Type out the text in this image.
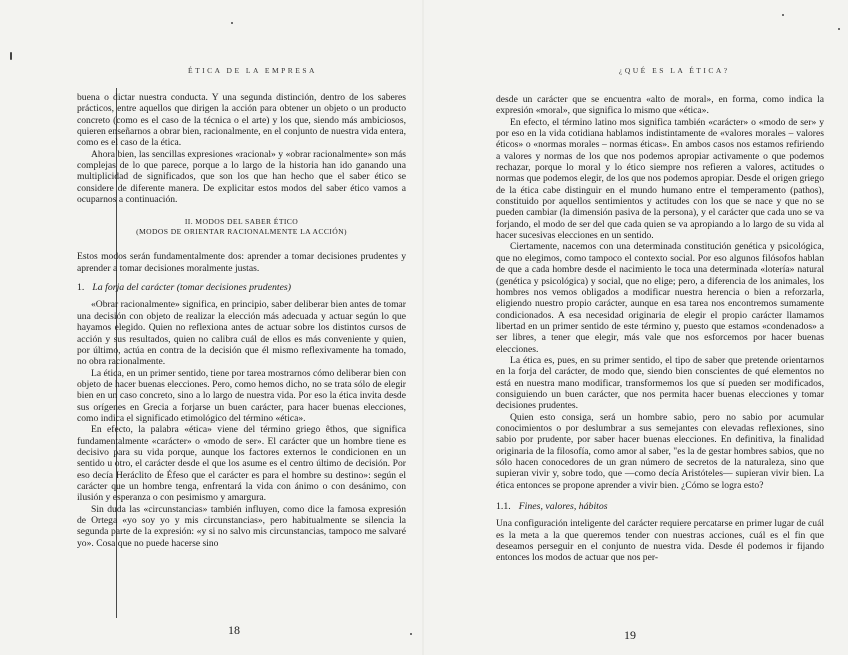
ÉTICA DE LA EMPRESA

buena o dictar nuestra conducta. Y una segunda distinción, dentro de los saberes prácticos, entre aquellos que dirigen la acción para obtener un objeto o un producto concreto (como es el caso de la técnica o el arte) y los que, siendo más ambiciosos, quieren enseñarnos a obrar bien, racionalmente, en el conjunto de nuestra vida entera, como es el caso de la ética.

Ahora bien, las sencillas expresiones «racional» y «obrar racionalmente» son más complejas de lo que parece, porque a lo largo de la historia han ido ganando una multiplicidad de significados, que son los que han hecho que el saber ético se considere de diferente manera. De explicitar estos modos del saber ético vamos a ocuparnos a continuación.

II. MODOS DEL SABER ÉTICO
(MODOS DE ORIENTAR RACIONALMENTE LA ACCIÓN)

Estos modos serán fundamentalmente dos: aprender a tomar decisiones prudentes y aprender a tomar decisiones moralmente justas.

1. La forja del carácter (tomar decisiones prudentes)

«Obrar racionalmente» significa, en principio, saber deliberar bien antes de tomar una decisión con objeto de realizar la elección más adecuada y actuar según lo que hayamos elegido. Quien no reflexiona antes de actuar sobre los distintos cursos de acción y sus resultados, quien no calibra cuál de ellos es más conveniente y quien, por último, actúa en contra de la decisión que él mismo reflexivamente ha tomado, no obra racionalmente.

La ética, en un primer sentido, tiene por tarea mostrarnos cómo deliberar bien con objeto de hacer buenas elecciones. Pero, como hemos dicho, no se trata sólo de elegir bien en un caso concreto, sino a lo largo de nuestra vida. Por eso la ética invita desde sus orígenes en Grecia a forjarse un buen carácter, para hacer buenas elecciones, como indica el significado etimológico del término «ética».

En efecto, la palabra «ética» viene del término griego êthos, que significa fundamentalmente «carácter» o «modo de ser». El carácter que un hombre tiene es decisivo para su vida porque, aunque los factores externos le condicionen en un sentido u otro, el carácter desde el que los asume es el centro último de decisión. Por eso decía Heráclito de Éfeso que el carácter es para el hombre su destino»: según el carácter que un hombre tenga, enfrentará la vida con ánimo o con desánimo, con ilusión y esperanza o con pesimismo y amargura.

Sin duda las «circunstancias» también influyen, como dice la famosa expresión de Ortega «yo soy yo y mis circunstancias», pero habitualmente se silencia la segunda parte de la expresión: «y si no salvo mis circunstancias, tampoco me salvaré yo». Cosa que no puede hacerse sino

18
¿QUÉ ES LA ÉTICA?

desde un carácter que se encuentra «alto de moral», en forma, como indica la expresión «moral», que significa lo mismo que «ética».

En efecto, el término latino mos significa también «carácter» o «modo de ser» y por eso en la vida cotidiana hablamos indistintamente de «valores morales – valores éticos» o «normas morales – normas éticas». En ambos casos nos estamos refiriendo a valores y normas de los que nos podemos apropiar activamente o que podemos rechazar, porque lo moral y lo ético siempre nos refieren a valores, actitudes o normas que podemos elegir, de los que nos podemos apropiar. Desde el origen griego de la ética cabe distinguir en el mundo humano entre el temperamento (pathos), constituido por aquellos sentimientos y actitudes con los que se nace y que no se pueden cambiar (la dimensión pasiva de la persona), y el carácter que cada uno se va forjando, el modo de ser del que cada quien se va apropiando a lo largo de su vida al hacer sucesivas elecciones en un sentido.

Ciertamente, nacemos con una determinada constitución genética y psicológica, que no elegimos, como tampoco el contexto social. Por eso algunos filósofos hablan de que a cada hombre desde el nacimiento le toca una determinada «lotería» natural (genética y psicológica) y social, que no elige; pero, a diferencia de los animales, los hombres nos vemos obligados a modificar nuestra herencia o bien a reforzarla, eligiendo nuestro propio carácter, aunque en esa tarea nos encontremos sumamente condicionados. A esa necesidad originaria de elegir el propio carácter llamamos libertad en un primer sentido de este término y, puesto que estamos «condenados» a ser libres, a tener que elegir, más vale que nos esforcemos por hacer buenas elecciones.

La ética es, pues, en su primer sentido, el tipo de saber que pretende orientarnos en la forja del carácter, de modo que, siendo bien conscientes de qué elementos no está en nuestra mano modificar, transformemos los que sí pueden ser modificados, consiguiendo un buen carácter, que nos permita hacer buenas elecciones y tomar decisiones prudentes.

Quien esto consiga, será un hombre sabio, pero no sabio por acumular conocimientos o por deslumbrar a sus semejantes con elevadas reflexiones, sino sabio por prudente, por saber hacer buenas elecciones. En definitiva, la finalidad originaria de la filosofía, como amor al saber, "es la de gestar hombres sabios, que no sólo hacen conocedores de un gran número de secretos de la naturaleza, sino que supieran vivir y, sobre todo, que —como decía Aristóteles— supieran vivir bien. La ética entonces se propone aprender a vivir bien. ¿Cómo se logra esto?

1.1. Fines, valores, hábitos

Una configuración inteligente del carácter requiere percatarse en primer lugar de cuál es la meta a la que queremos tender con nuestras acciones, cuál es el fin que deseamos perseguir en el conjunto de nuestra vida. Desde él podemos ir fijando entonces los modos de actuar que nos per-

19
